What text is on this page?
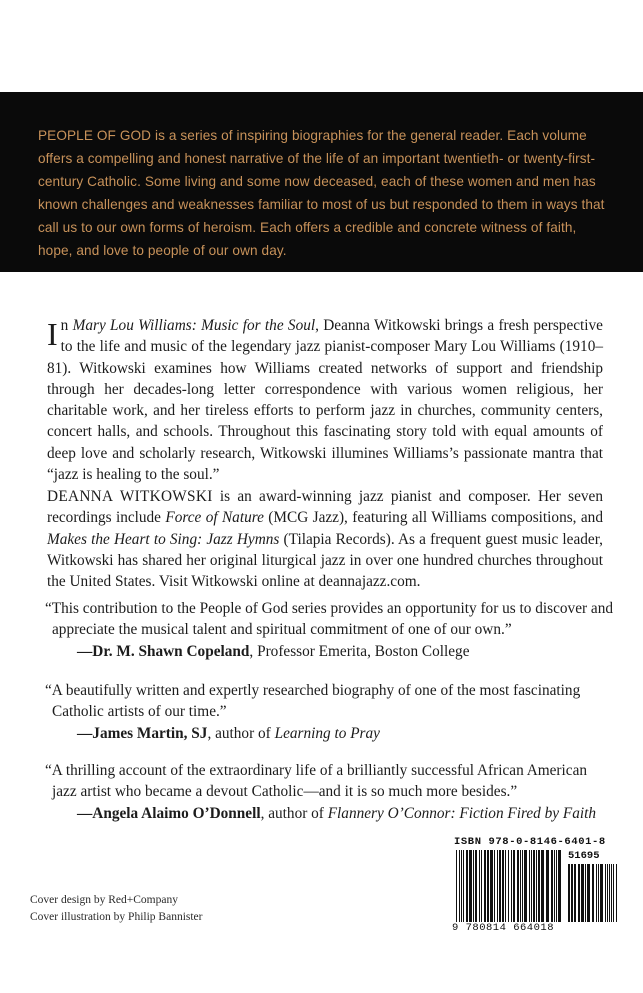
PEOPLE OF GOD is a series of inspiring biographies for the general reader. Each volume offers a compelling and honest narrative of the life of an important twentieth- or twenty-first-century Catholic. Some living and some now deceased, each of these women and men has known challenges and weaknesses familiar to most of us but responded to them in ways that call us to our own forms of heroism. Each offers a credible and concrete witness of faith, hope, and love to people of our own day.
In Mary Lou Williams: Music for the Soul, Deanna Witkowski brings a fresh perspective to the life and music of the legendary jazz pianist-composer Mary Lou Williams (1910–81). Witkowski examines how Williams created networks of support and friendship through her decades-long letter correspondence with various women religious, her charitable work, and her tireless efforts to perform jazz in churches, community centers, concert halls, and schools. Throughout this fascinating story told with equal amounts of deep love and scholarly research, Witkowski illumines Williams’s passionate mantra that “jazz is healing to the soul.”
DEANNA WITKOWSKI is an award-winning jazz pianist and composer. Her seven recordings include Force of Nature (MCG Jazz), featuring all Williams compositions, and Makes the Heart to Sing: Jazz Hymns (Tilapia Records). As a frequent guest music leader, Witkowski has shared her original liturgical jazz in over one hundred churches throughout the United States. Visit Witkowski online at deannajazz.com.
“This contribution to the People of God series provides an opportunity for us to discover and appreciate the musical talent and spiritual commitment of one of our own.”
—Dr. M. Shawn Copeland, Professor Emerita, Boston College
“A beautifully written and expertly researched biography of one of the most fascinating Catholic artists of our time.”
—James Martin, SJ, author of Learning to Pray
“A thrilling account of the extraordinary life of a brilliantly successful African American jazz artist who became a devout Catholic—and it is so much more besides.”
—Angela Alaimo O’Donnell, author of Flannery O’Connor: Fiction Fired by Faith
Cover design by Red+Company
Cover illustration by Philip Bannister
ISBN 978-0-8146-6401-8
51695
9 780814 664018
